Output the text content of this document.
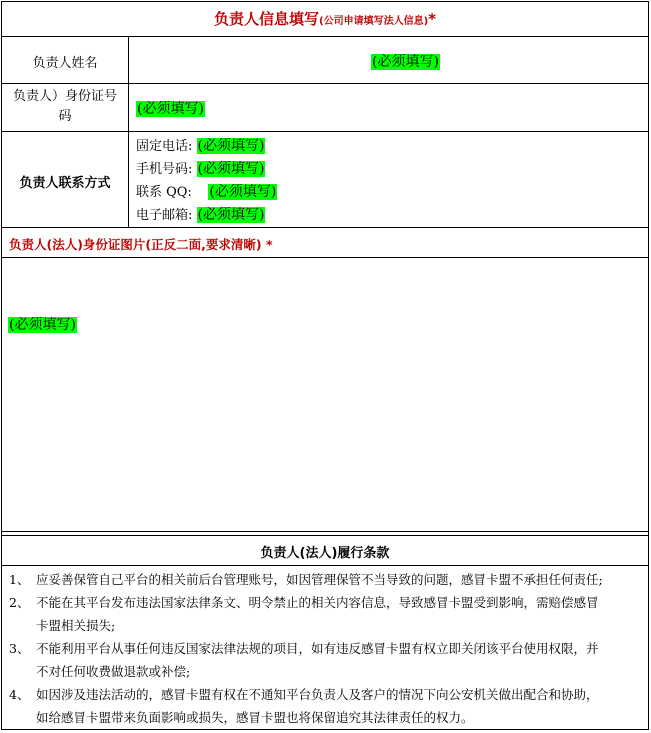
负责人信息填写(公司申请填写法人信息)*
负责人姓名	(必须填写)
负责人）身份证号
码	(必须填写)
负责人联系方式
固定电话: (必须填写)
手机号码: (必须填写)
联系 QQ: (必须填写)
电子邮箱: (必须填写)
负责人(法人)身份证图片(正反二面,要求清晰) *
(必须填写)
负责人(法人)履行条款
1、 应妥善保管自己平台的相关前后台管理账号，如因管理保管不当导致的问题，感冒卡盟不承担任何责任;
2、 不能在其平台发布违法国家法律条文、明令禁止的相关内容信息，导致感冒卡盟受到影响，需赔偿感冒
卡盟相关损失;
3、 不能利用平台从事任何违反国家法律法规的项目，如有违反感冒卡盟有权立即关闭该平台使用权限，并
不对任何收费做退款或补偿;
4、 如因涉及违法活动的，感冒卡盟有权在不通知平台负责人及客户的情况下向公安机关做出配合和协助，
如给感冒卡盟带来负面影响或损失，感冒卡盟也将保留追究其法律责任的权力。
